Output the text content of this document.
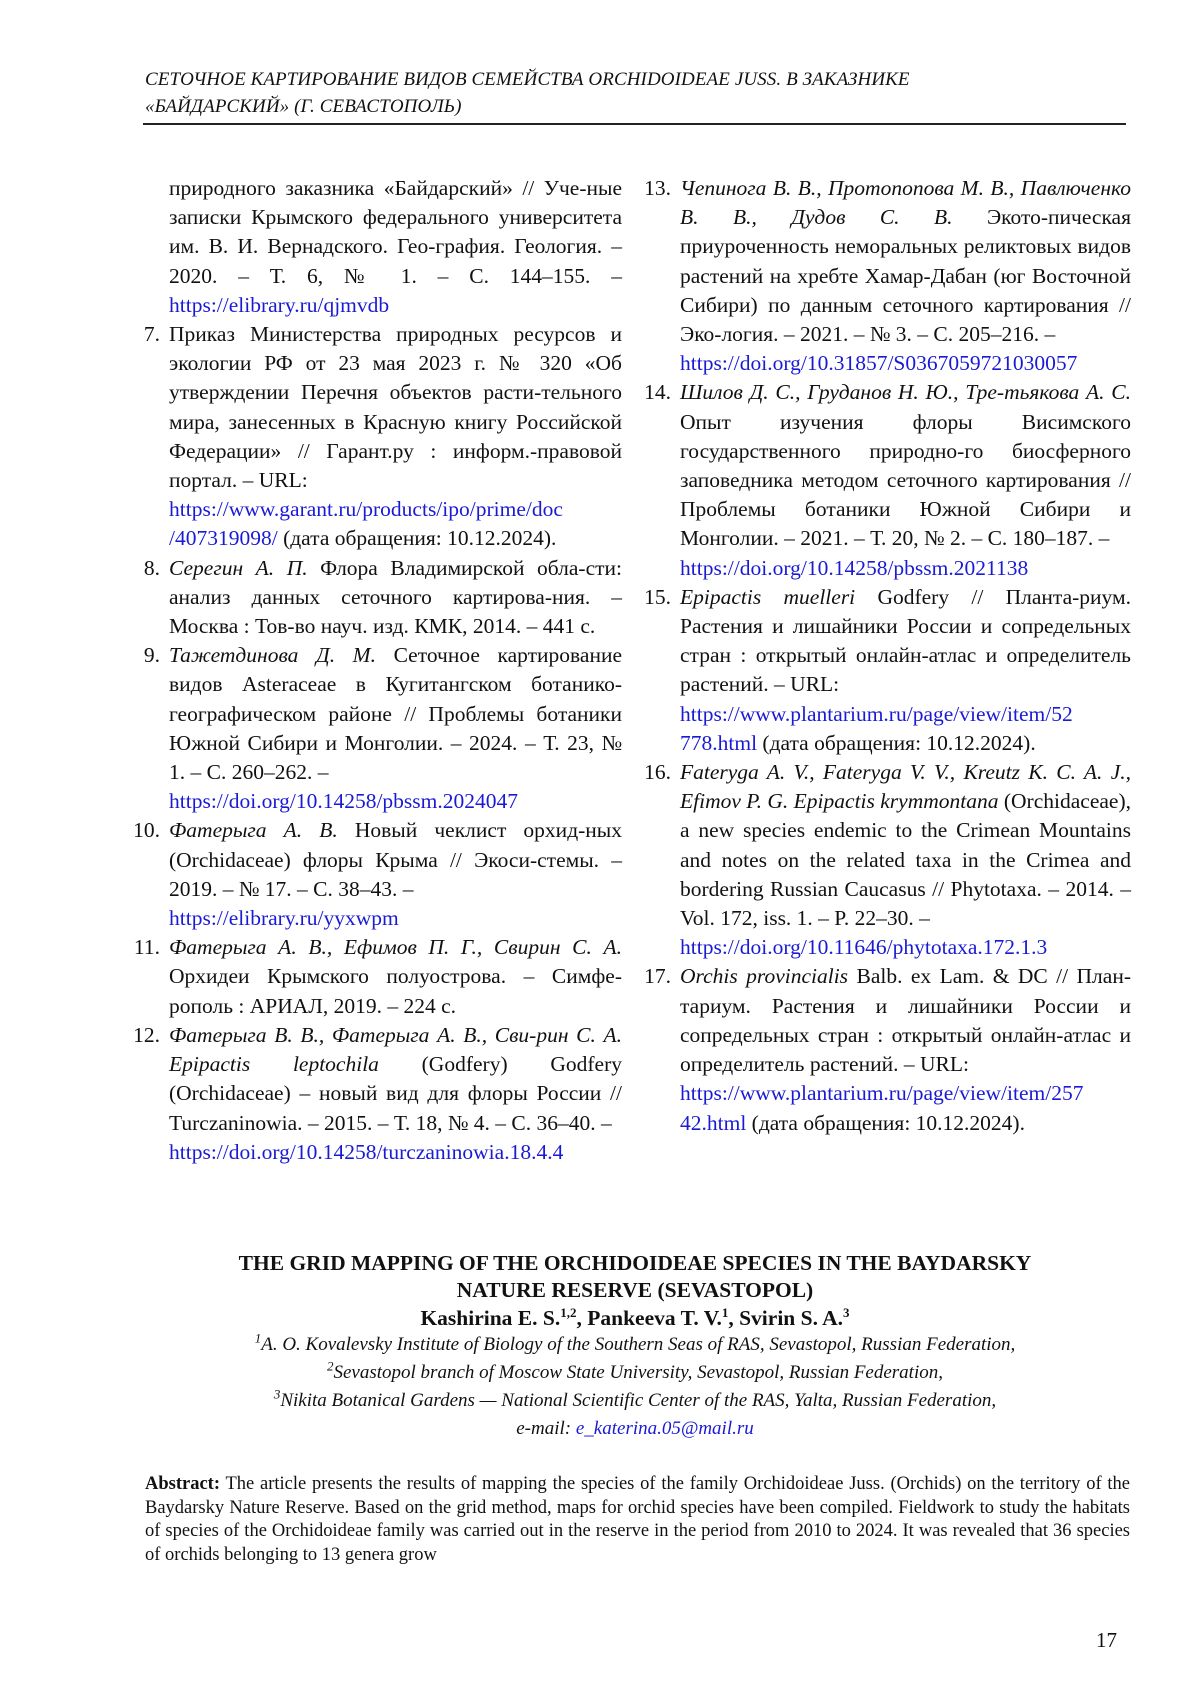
СЕТОЧНОЕ КАРТИРОВАНИЕ ВИДОВ СЕМЕЙСТВА ORCHIDOIDEAE JUSS. В ЗАКАЗНИКЕ
«БАЙДАРСКИЙ» (Г. СЕВАСТОПОЛЬ)
природного заказника «Байдарский» // Уче-ные записки Крымского федерального университета им. В. И. Вернадского. Гео-графия. Геология. – 2020. – Т. 6, № 1. – С. 144–155. – https://elibrary.ru/qjmvdb
7. Приказ Министерства природных ресурсов и экологии РФ от 23 мая 2023 г. № 320 «Об утверждении Перечня объектов расти-тельного мира, занесенных в Красную книгу Российской Федерации» // Гарант.ру : информ.-правовой портал. – URL:
https://www.garant.ru/products/ipo/prime/doc
/407319098/ (дата обращения: 10.12.2024).
8. Серегин А. П. Флора Владимирской обла-сти: анализ данных сеточного картирова-ния. – Москва : Тов-во науч. изд. КМК, 2014. – 441 с.
9. Тажетдинова Д. М. Сеточное картирование видов Asteraceae в Кугитангском ботанико-географическом районе // Проблемы ботаники Южной Сибири и Монголии. – 2024. – Т. 23, № 1. – С. 260–262. –
https://doi.org/10.14258/pbssm.2024047
10. Фатерыга А. В. Новый чеклист орхид-ных (Orchidaceae) флоры Крыма // Экоси-стемы. – 2019. – № 17. – С. 38–43. –
https://elibrary.ru/yyxwpm
11. Фатерыга А. В., Ефимов П. Г., Свирин С. А. Орхидеи Крымского полуострова. – Симфе-рополь : АРИАЛ, 2019. – 224 с.
12. Фатерыга В. В., Фатерыга А. В., Сви-рин С. А. Epipactis leptochila (Godfery) Godfery (Orchidaceae) – новый вид для флоры России // Turczaninowia. – 2015. – Т. 18, № 4. – С. 36–40. –
https://doi.org/10.14258/turczaninowia.18.4.4
13. Чепинога В. В., Протопопова М. В., Павлюченко В. В., Дудов С. В. Экото-пическая приуроченность неморальных реликтовых видов растений на хребте Хамар-Дабан (юг Восточной Сибири) по данным сеточного картирования // Эко-логия. – 2021. – № 3. – С. 205–216. –
https://doi.org/10.31857/S0367059721030057
14. Шилов Д. С., Груданов Н. Ю., Тре-тьякова А. С. Опыт изучения флоры Висимского государственного природно-го биосферного заповедника методом сеточного картирования // Проблемы ботаники Южной Сибири и Монголии. – 2021. – Т. 20, № 2. – С. 180–187. –
https://doi.org/10.14258/pbssm.2021138
15. Epipactis muelleri Godfery // Планта-риум. Растения и лишайники России и сопредельных стран : открытый онлайн-атлас и определитель растений. – URL:
https://www.plantarium.ru/page/view/item/52
778.html (дата обращения: 10.12.2024).
16. Fateryga A. V., Fateryga V. V., Kreutz K. C. A. J., Efimov P. G. Epipactis krymmontana (Orchidaceae), a new species endemic to the Crimean Mountains and notes on the related taxa in the Crimea and bordering Russian Caucasus // Phytotaxa. – 2014. – Vol. 172, iss. 1. – P. 22–30. –
https://doi.org/10.11646/phytotaxa.172.1.3
17. Orchis provincialis Balb. ex Lam. & DC // План-тариум. Растения и лишайники России и сопредельных стран : открытый онлайн-атлас и определитель растений. – URL:
https://www.plantarium.ru/page/view/item/257
42.html (дата обращения: 10.12.2024).
THE GRID MAPPING OF THE ORCHIDOIDEAE SPECIES IN THE BAYDARSKY
NATURE RESERVE (SEVASTOPOL)
Kashirina E. S.$^{1,2}$, Pankeeva T. V.$^1$, Svirin S. A.$^3$
$^1$A. O. Kovalevsky Institute of Biology of the Southern Seas of RAS, Sevastopol, Russian Federation,
$^2$Sevastopol branch of Moscow State University, Sevastopol, Russian Federation,
$^3$Nikita Botanical Gardens — National Scientific Center of the RAS, Yalta, Russian Federation,
e-mail: e_katerina.05@mail.ru
Abstract: The article presents the results of mapping the species of the family Orchidoideae Juss. (Orchids) on the territory of the Baydarsky Nature Reserve. Based on the grid method, maps for orchid species have been compiled. Fieldwork to study the habitats of species of the Orchidoideae family was carried out in the reserve in the period from 2010 to 2024. It was revealed that 36 species of orchids belonging to 13 genera grow
17
